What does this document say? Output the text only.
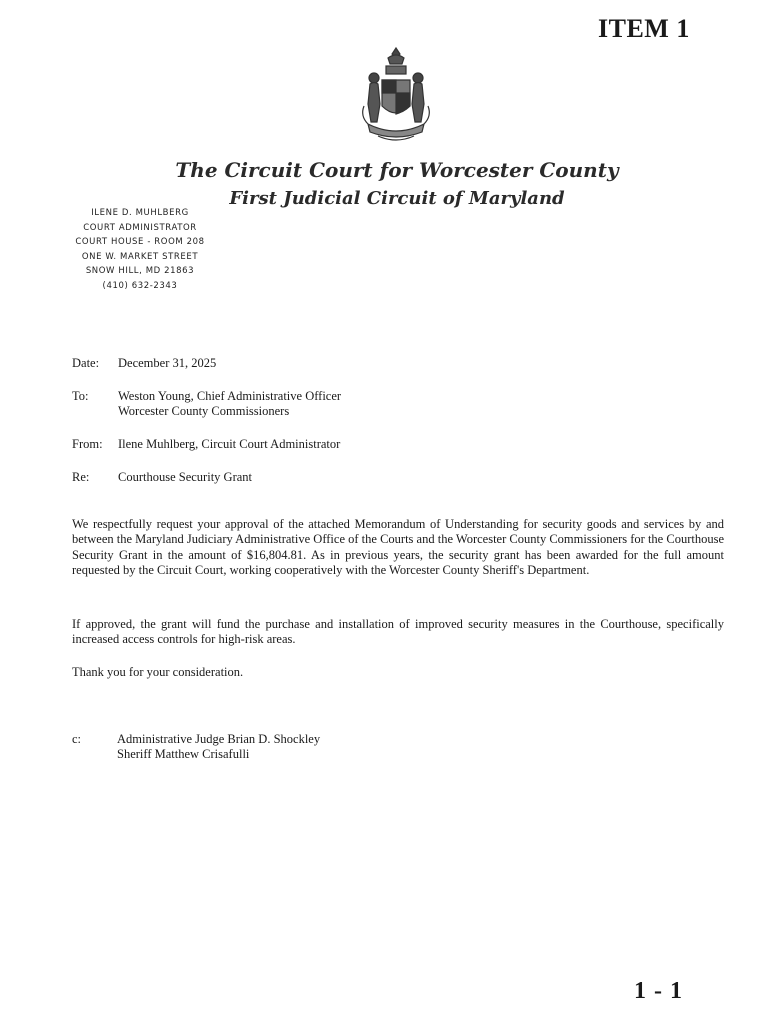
ITEM 1
The Circuit Court for Worcester County
First Judicial Circuit of Maryland
ILENE D. MUHLBERG
COURT ADMINISTRATOR
COURT HOUSE - ROOM 208
ONE W. MARKET STREET
SNOW HILL, MD 21863
(410) 632-2343
Date: December 31, 2025
To: Weston Young, Chief Administrative Officer
Worcester County Commissioners
From: Ilene Muhlberg, Circuit Court Administrator
Re: Courthouse Security Grant
We respectfully request your approval of the attached Memorandum of Understanding for security goods and services by and between the Maryland Judiciary Administrative Office of the Courts and the Worcester County Commissioners for the Courthouse Security Grant in the amount of $16,804.81. As in previous years, the security grant has been awarded for the full amount requested by the Circuit Court, working cooperatively with the Worcester County Sheriff's Department.
If approved, the grant will fund the purchase and installation of improved security measures in the Courthouse, specifically increased access controls for high-risk areas.
Thank you for your consideration.
c:	Administrative Judge Brian D. Shockley
Sheriff Matthew Crisafulli
1 - 1
